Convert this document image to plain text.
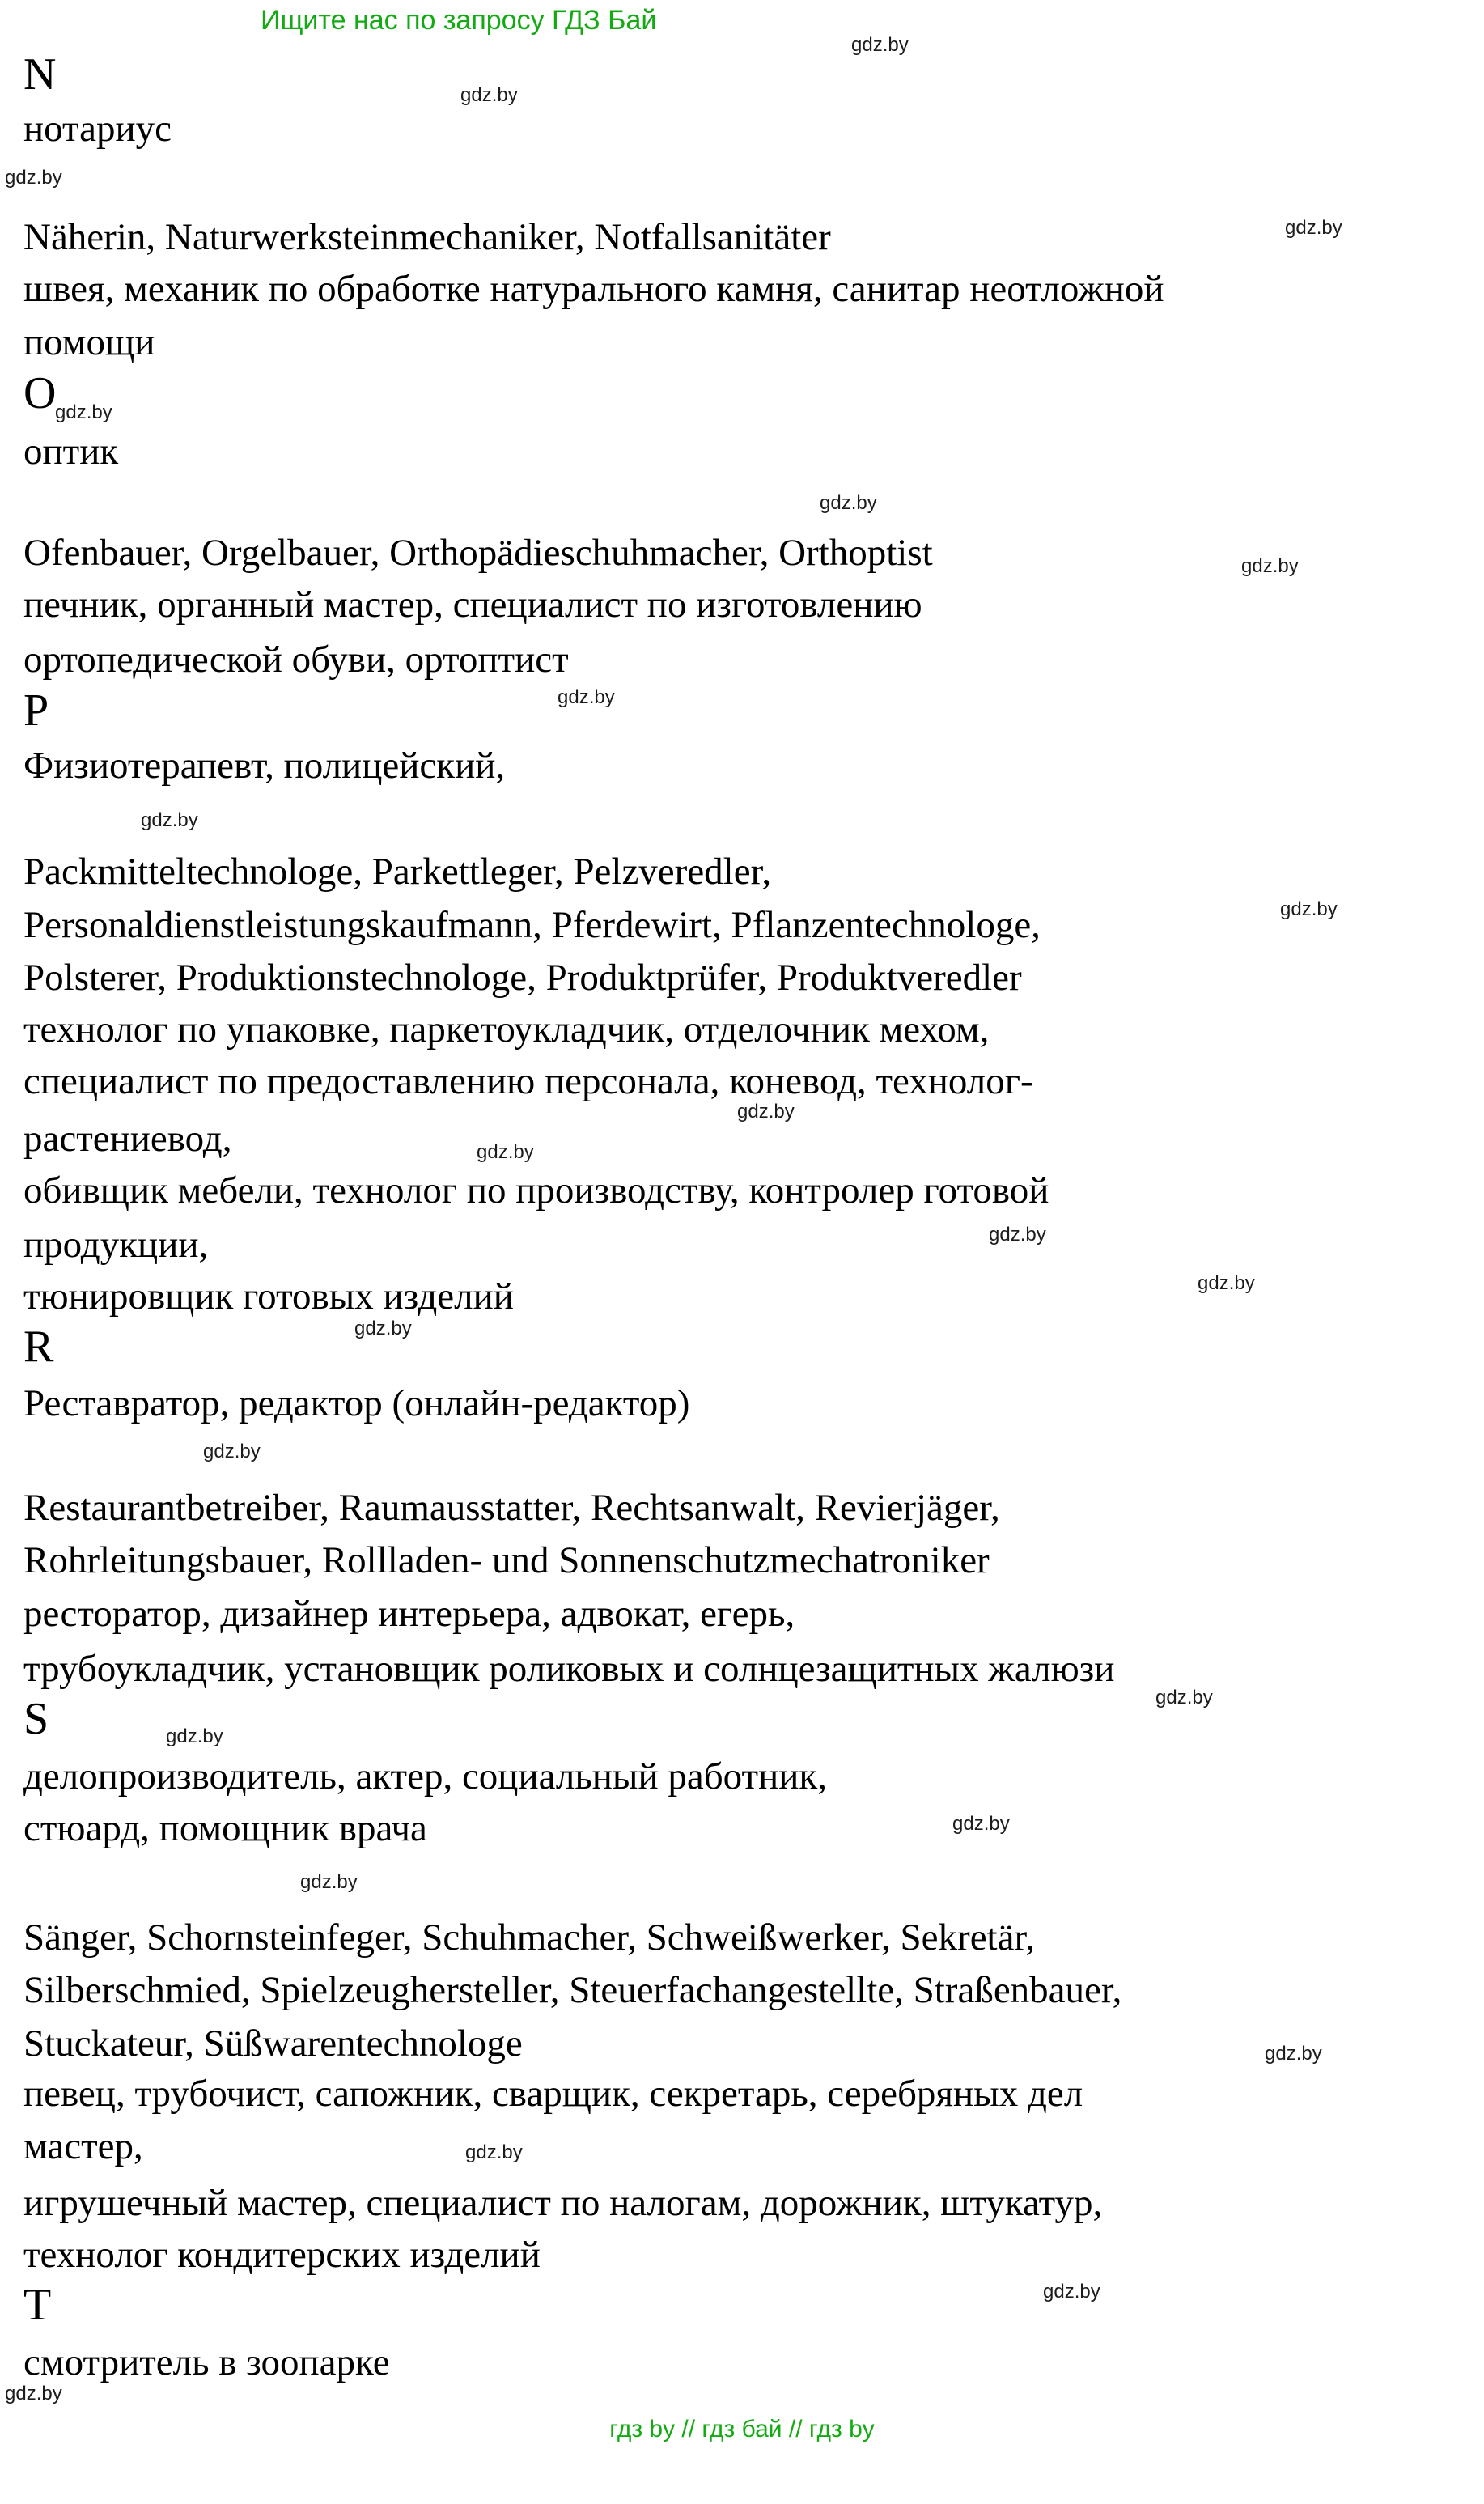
Ищите нас по запросу ГДЗ Бай
N
нотариус
Näherin, Naturwerksteinmechaniker, Notfallsanitäter
швея, механик по обработке натурального камня, санитар неотложной
помощи
O
оптик
Ofenbauer, Orgelbauer, Orthopädieschuhmacher, Orthoptist
печник, органный мастер, специалист по изготовлению
ортопедической обуви, ортоптист
P
Физиотерапевт, полицейский,
Packmitteltechnologe, Parkettleger, Pelzveredler,
Personaldienstleistungskaufmann, Pferdewirt, Pflanzentechnologe,
Polsterer, Produktionstechnologe, Produktprüfer, Produktveredler
технолог по упаковке, паркетоукладчик, отделочник мехом,
специалист по предоставлению персонала, коневод, технолог-
растениевод,
обивщик мебели, технолог по производству, контролер готовой
продукции,
тюнировщик готовых изделий
R
Реставратор, редактор (онлайн-редактор)
Restaurantbetreiber, Raumausstatter, Rechtsanwalt, Revierjäger,
Rohrleitungsbauer, Rollladen- und Sonnenschutzmechatroniker
ресторатор, дизайнер интерьера, адвокат, егерь,
трубоукладчик, установщик роликовых и солнцезащитных жалюзи
S
делопроизводитель, актер, социальный работник,
стюард, помощник врача
Sänger, Schornsteinfeger, Schuhmacher, Schweißwerker, Sekretär,
Silberschmied, Spielzeughersteller, Steuerfachangestellte, Straßenbauer,
Stuckateur, Süßwarentechnologe
певец, трубочист, сапожник, сварщик, секретарь, серебряных дел
мастер,
игрушечный мастер, специалист по налогам, дорожник, штукатур,
технолог кондитерских изделий
T
смотритель в зоопарке
gdz.by
gdz.by
gdz.by
gdz.by
gdz.by
gdz.by
gdz.by
gdz.by
gdz.by
gdz.by
gdz.by
gdz.by
gdz.by
gdz.by
gdz.by
gdz.by
gdz.by
gdz.by
gdz.by
gdz.by
gdz.by
gdz.by
gdz.by
gdz.by
гдз by // гдз бай // гдз by
